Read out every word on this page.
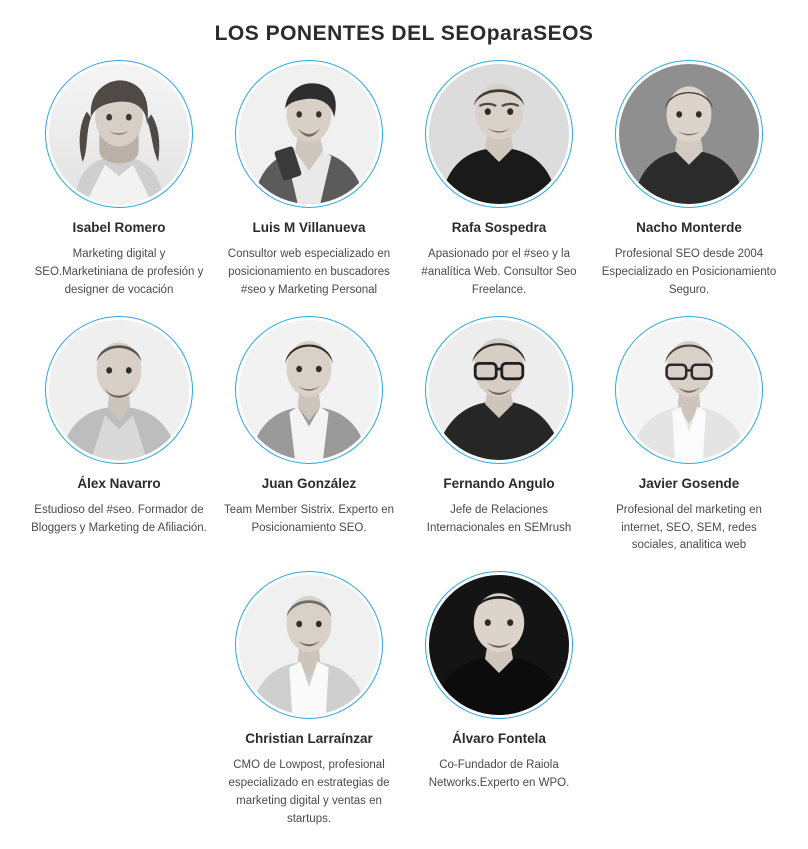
LOS PONENTES DEL SEOparaSEOS
Isabel Romero
Marketing digital y SEO.Marketiniana de profesión y designer de vocación
Luis M Villanueva
Consultor web especializado en posicionamiento en buscadores #seo y Marketing Personal
Rafa Sospedra
Apasionado por el #seo y la #analítica Web. Consultor Seo Freelance.
Nacho Monterde
Profesional SEO desde 2004 Especializado en Posicionamiento Seguro.
Álex Navarro
Estudioso del #seo. Formador de Bloggers y Marketing de Afiliación.
Juan González
Team Member Sistrix. Experto en Posicionamiento SEO.
Fernando Angulo
Jefe de Relaciones Internacionales en SEMrush
Javier Gosende
Profesional del marketing en internet, SEO, SEM, redes sociales, analitica web
Christian Larraínzar
CMO de Lowpost, profesional especializado en estrategias de marketing digital y ventas en startups.
Álvaro Fontela
Co-Fundador de Raiola Networks.Experto en WPO.
